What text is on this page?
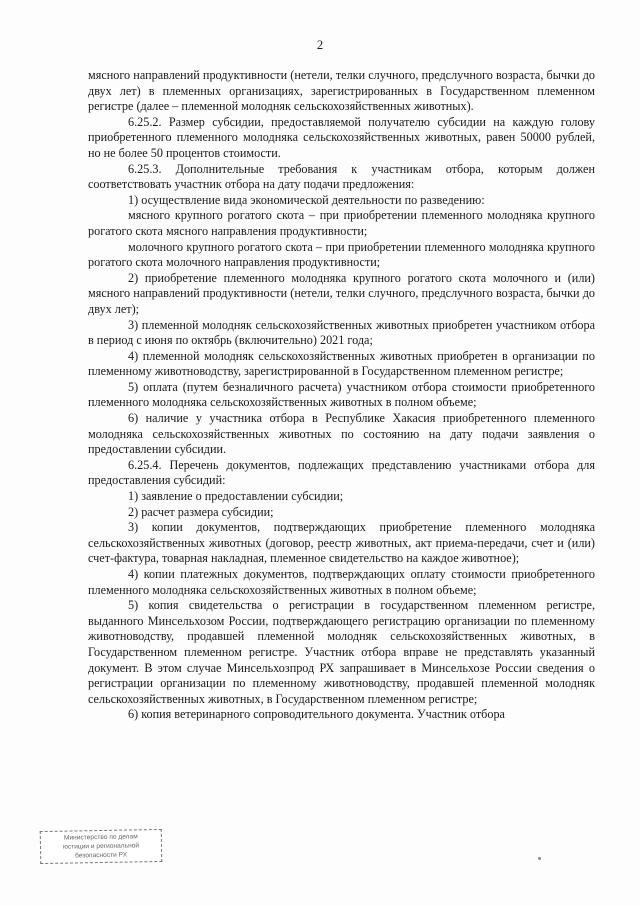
2

мясного направлений продуктивности (нетели, телки случного, предслучного возраста, бычки до двух лет) в племенных организациях, зарегистрированных в Государственном племенном регистре (далее – племенной молодняк сельскохозяйственных животных).

6.25.2. Размер субсидии, предоставляемой получателю субсидии на каждую голову приобретенного племенного молодняка сельскохозяйственных животных, равен 50000 рублей, но не более 50 процентов стоимости.

6.25.3. Дополнительные требования к участникам отбора, которым должен соответствовать участник отбора на дату подачи предложения:

1) осуществление вида экономической деятельности по разведению:

мясного крупного рогатого скота – при приобретении племенного молодняка крупного рогатого скота мясного направления продуктивности;

молочного крупного рогатого скота – при приобретении племенного молодняка крупного рогатого скота молочного направления продуктивности;

2) приобретение племенного молодняка крупного рогатого скота молочного и (или) мясного направлений продуктивности (нетели, телки случного, предслучного возраста, бычки до двух лет);

3) племенной молодняк сельскохозяйственных животных приобретен участником отбора в период с июня по октябрь (включительно) 2021 года;

4) племенной молодняк сельскохозяйственных животных приобретен в организации по племенному животноводству, зарегистрированной в Государственном племенном регистре;

5) оплата (путем безналичного расчета) участником отбора стоимости приобретенного племенного молодняка сельскохозяйственных животных в полном объеме;

6) наличие у участника отбора в Республике Хакасия приобретенного племенного молодняка сельскохозяйственных животных по состоянию на дату подачи заявления о предоставлении субсидии.

6.25.4. Перечень документов, подлежащих представлению участниками отбора для предоставления субсидий:

1) заявление о предоставлении субсидии;

2) расчет размера субсидии;

3) копии документов, подтверждающих приобретение племенного молодняка сельскохозяйственных животных (договор, реестр животных, акт приема-передачи, счет и (или) счет-фактура, товарная накладная, племенное свидетельство на каждое животное);

4) копии платежных документов, подтверждающих оплату стоимости приобретенного племенного молодняка сельскохозяйственных животных в полном объеме;

5) копия свидетельства о регистрации в государственном племенном регистре, выданного Минсельхозом России, подтверждающего регистрацию организации по племенному животноводству, продавшей племенной молодняк сельскохозяйственных животных, в Государственном племенном регистре. Участник отбора вправе не представлять указанный документ. В этом случае Минсельхозпрод РХ запрашивает в Минсельхозе России сведения о регистрации организации по племенному животноводству, продавшей племенной молодняк сельскохозяйственных животных, в Государственном племенном регистре;

6) копия ветеринарного сопроводительного документа. Участник отбора

Министерство по делам
юстиции и региональной
безопасности РХ
